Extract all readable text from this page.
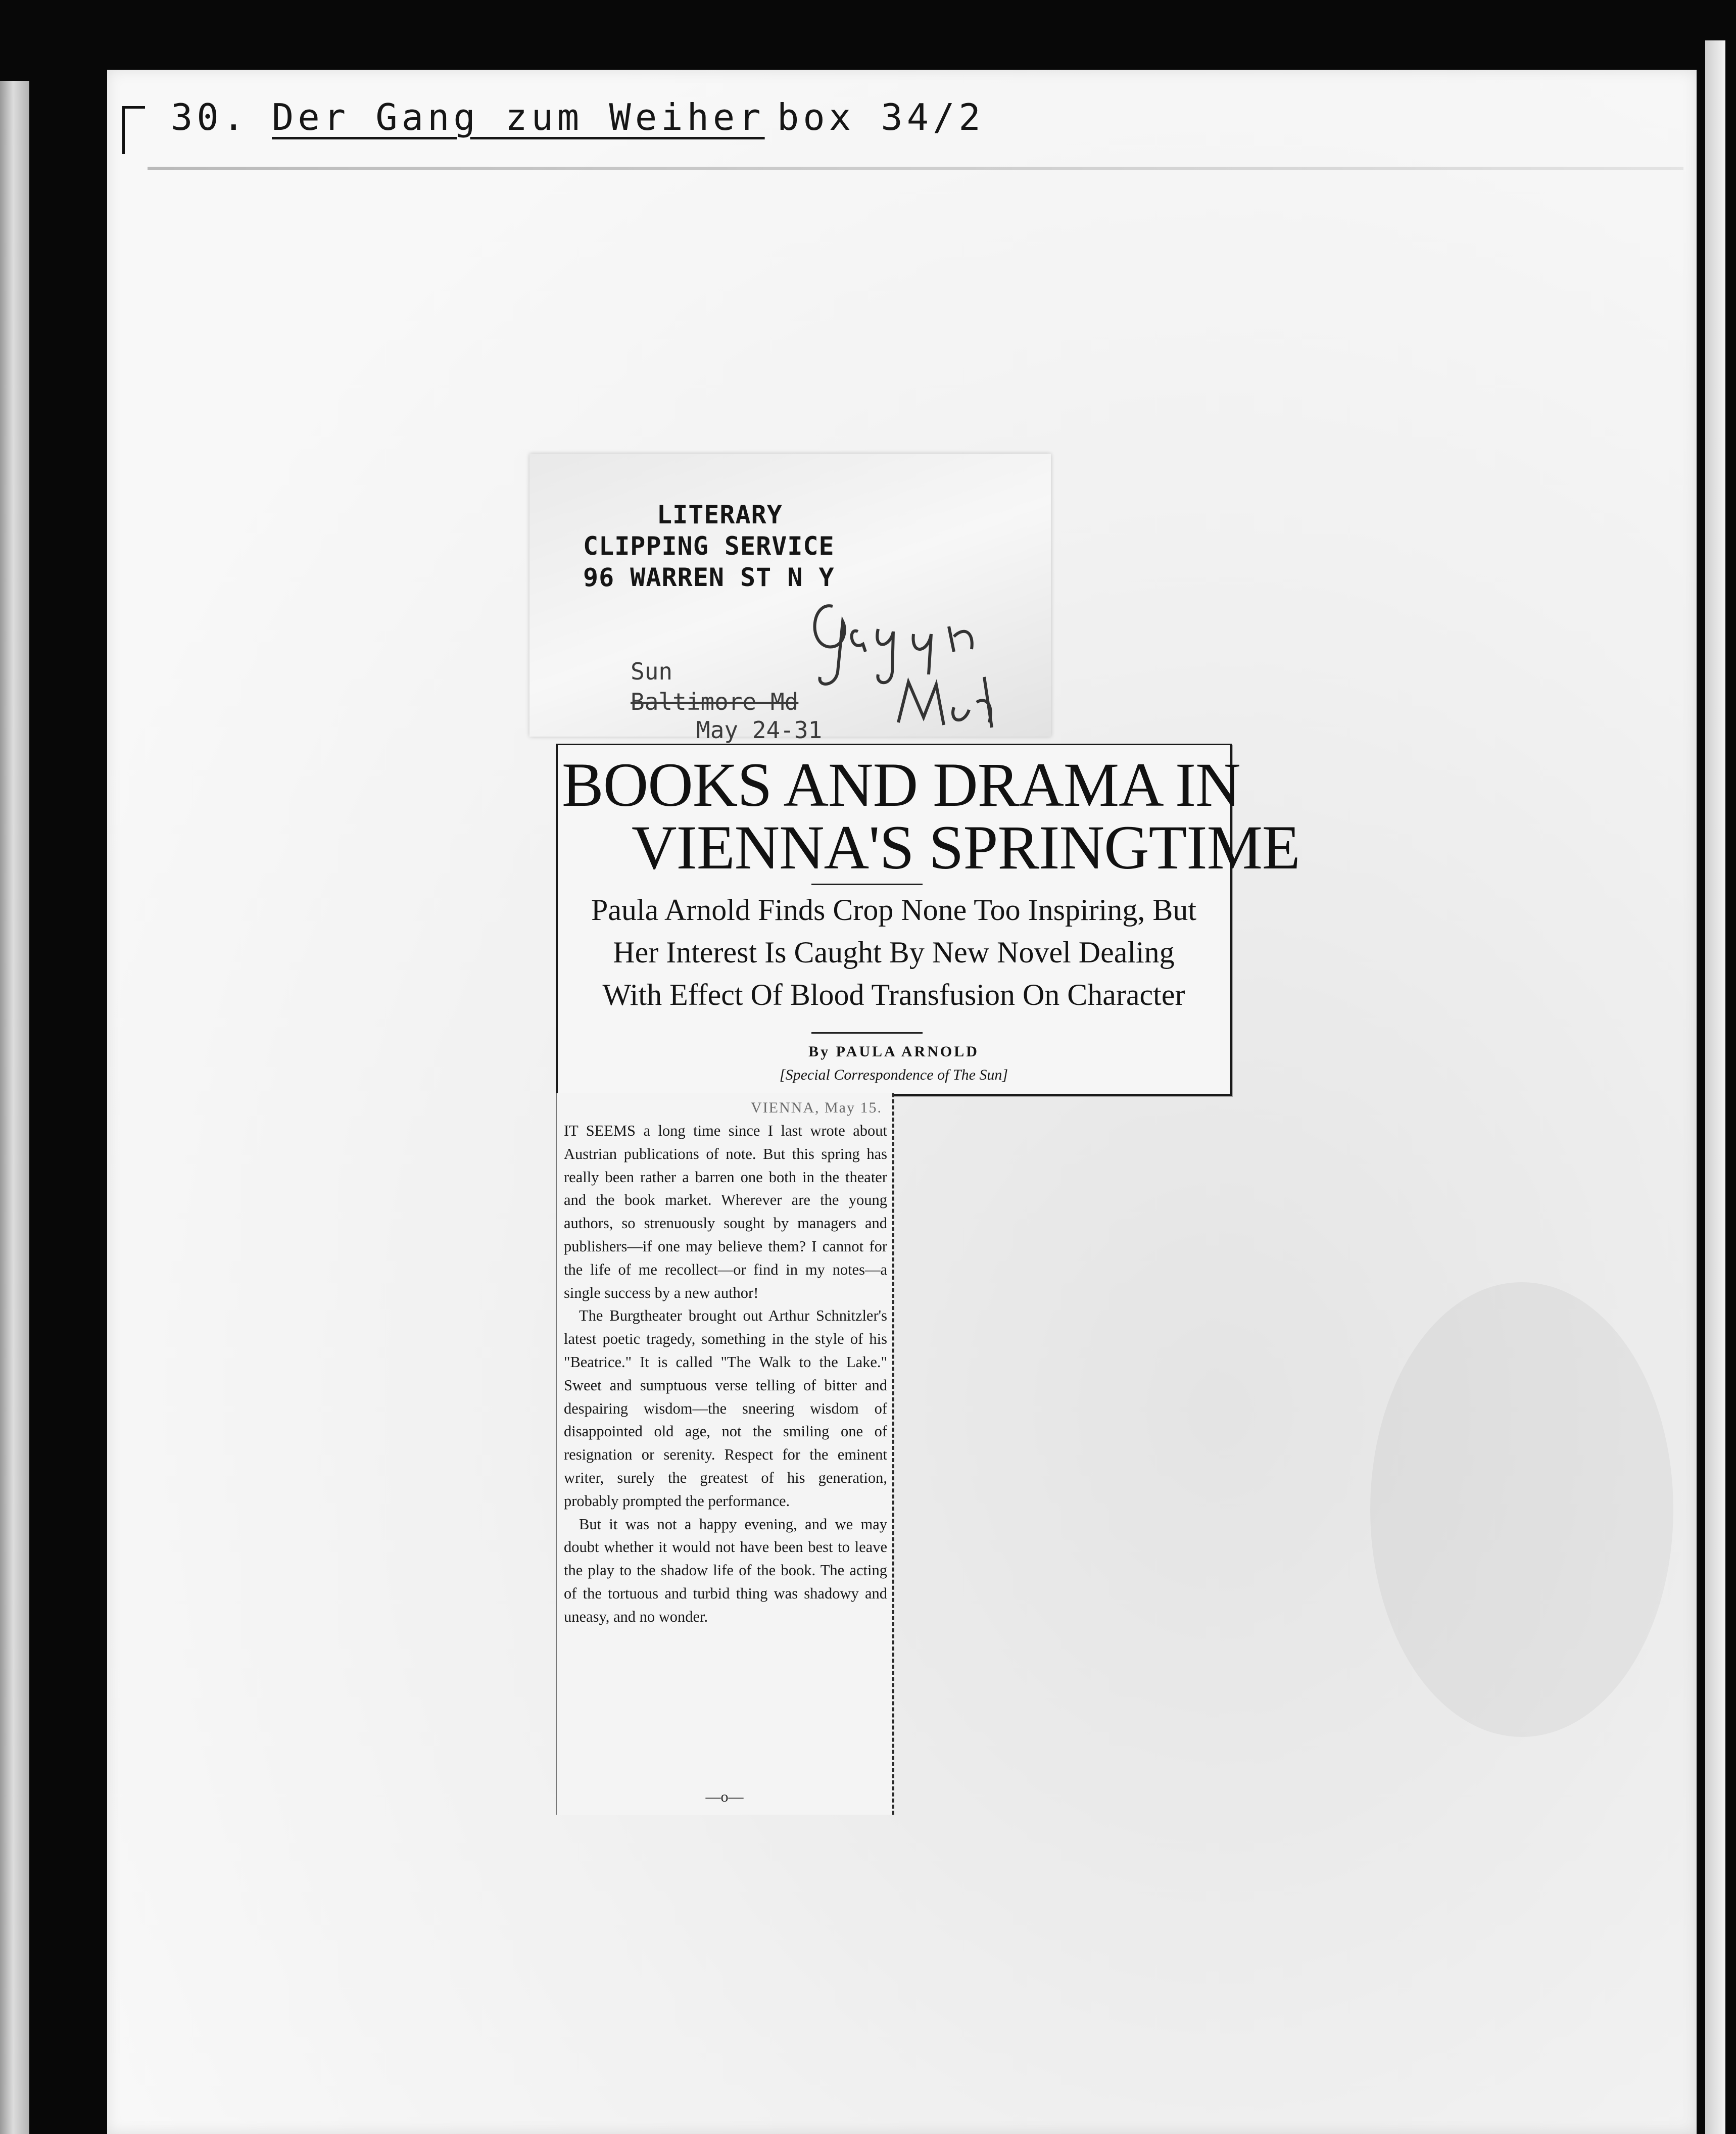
30. Der Gang zum Weiher box 34/2
LITERARY
CLIPPING SERVICE
96 WARREN ST N Y
Sun
Baltimore Md
May 24-31
BOOKS AND DRAMA IN
VIENNA'S SPRINGTIME
Paula Arnold Finds Crop None Too Inspiring, But
Her Interest Is Caught By New Novel Dealing
With Effect Of Blood Transfusion On Character
By PAULA ARNOLD
[Special Correspondence of The Sun]
VIENNA, May 15.

IT SEEMS a long time since I last wrote about Austrian publications of note. But this spring has really been rather a barren one both in the theater and the book market. Wherever are the young authors, so strenuously sought by managers and publishers—if one may believe them? I cannot for the life of me recollect—or find in my notes—a single success by a new author!

The Burgtheater brought out Arthur Schnitzler's latest poetic tragedy, something in the style of his "Beatrice." It is called "The Walk to the Lake." Sweet and sumptuous verse telling of bitter and despairing wisdom—the sneering wisdom of disappointed old age, not the smiling one of resignation or serenity. Respect for the eminent writer, surely the greatest of his generation, probably prompted the performance.

But it was not a happy evening, and we may doubt whether it would not have been best to leave the play to the shadow life of the book. The acting of the tortuous and turbid thing was shadowy and uneasy, and no wonder.

—o—
